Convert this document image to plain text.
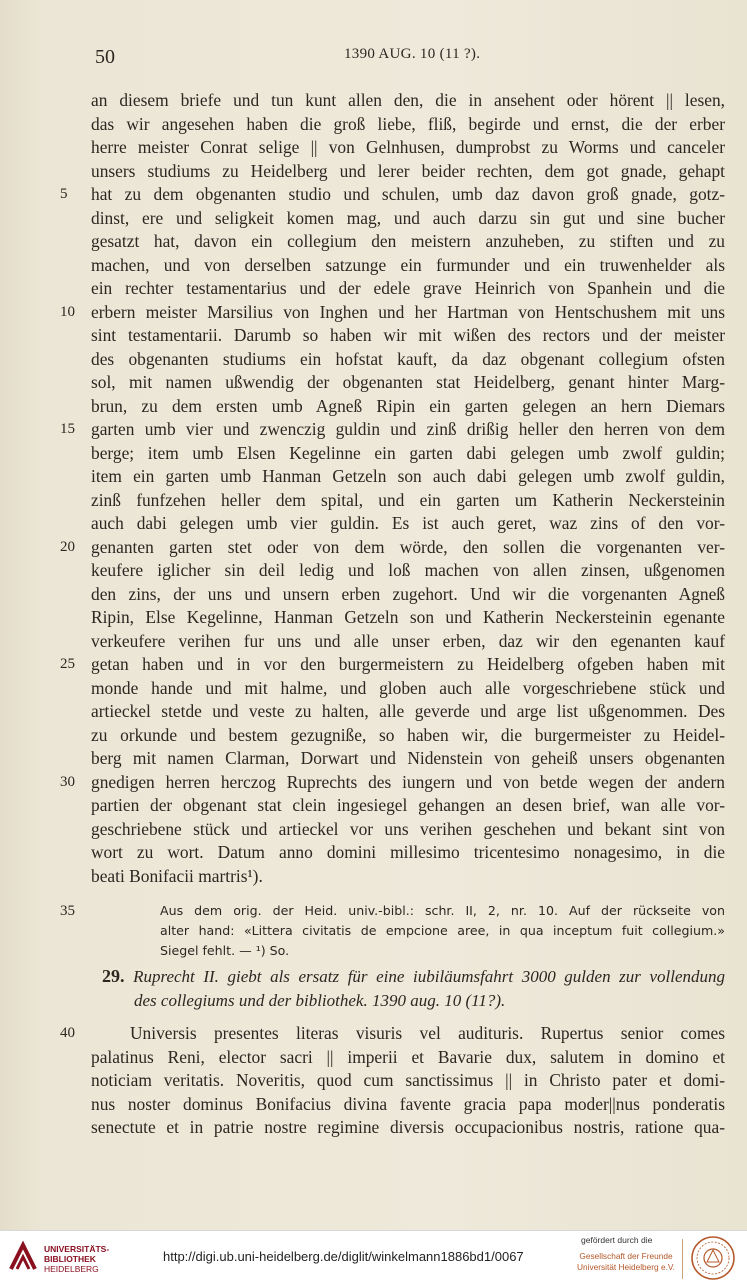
50	1390 AUG. 10 (11 ?).
an diesem briefe und tun kunt allen den, die in ansehent oder hörent || lesen,
das wir angesehen haben die groß liebe, fliß, begirde und ernst, die der erber
herre meister Conrat selige || von Gelnhusen, dumprobst zu Worms und canceler
unsers studiums zu Heidelberg und lerer beider rechten, dem got gnade, gehapt
hat zu dem obgenanten studio und schulen, umb daz davon groß gnade, gotz-
dinst, ere und seligkeit komen mag, und auch darzu sin gut und sine bucher
gesatzt hat, davon ein collegium den meistern anzuheben, zu stiften und zu
machen, und von derselben satzunge ein furmunder und ein truwenhelder als
ein rechter testamentarius und der edele grave Heinrich von Spanhein und die
erbern meister Marsilius von Inghen und her Hartman von Hentschushem mit uns
sint testamentarii. Darumb so haben wir mit wißen des rectors und der meister
des obgenanten studiums ein hofstat kauft, da daz obgenant collegium ofsten
sol, mit namen ußwendig der obgenanten stat Heidelberg, genant hinter Marg-
brun, zu dem ersten umb Agneß Ripin ein garten gelegen an hern Diemars
garten umb vier und zwenczig guldin und zinß drißig heller den herren von dem
berge; item umb Elsen Kegelinne ein garten dabi gelegen umb zwolf guldin;
item ein garten umb Hanman Getzeln son auch dabi gelegen umb zwolf guldin,
zinß funfzehen heller dem spital, und ein garten um Katherin Neckersteinin
auch dabi gelegen umb vier guldin. Es ist auch geret, waz zins of den vor-
genanten garten stet oder von dem wörde, den sollen die vorgenanten ver-
keufere iglicher sin deil ledig und loß machen von allen zinsen, ußgenomen
den zins, der uns und unsern erben zugehort. Und wir die vorgenanten Agneß
Ripin, Else Kegelinne, Hanman Getzeln son und Katherin Neckersteinin egenante
verkeufere verihen fur uns und alle unser erben, daz wir den egenanten kauf
getan haben und in vor den burgermeistern zu Heidelberg ofgeben haben mit
monde hande und mit halme, und globen auch alle vorgeschriebene stück und
artieckel stetde und veste zu halten, alle geverde und arge list ußgenommen. Des
zu orkunde und bestem gezugniße, so haben wir, die burgermeister zu Heidel-
berg mit namen Clarman, Dorwart und Nidenstein von geheiß unsers obgenanten
gnedigen herren herczog Ruprechts des iungern und von betde wegen der andern
partien der obgenant stat clein ingesiegel gehangen an desen brief, wan alle vor-
geschriebene stück und artieckel vor uns verihen geschehen und bekant sint von
wort zu wort. Datum anno domini millesimo tricentesimo nonagesimo, in die
beati Bonifacii martris¹).
5
10
15
20
25
30
35	Aus dem orig. der Heid. univ.-bibl.: schr. II, 2, nr. 10. Auf der rückseite von
alter hand: «Littera civitatis de empcione aree, in qua inceptum fuit collegium.»
Siegel fehlt. — ¹) So.
29. Ruprecht II. giebt als ersatz für eine iubiläumsfahrt 3000 gulden zur vollendung
des collegiums und der bibliothek. 1390 aug. 10 (11?).
40	Universis presentes literas visuris vel audituris. Rupertus senior comes
palatinus Reni, elector sacri || imperii et Bavarie dux, salutem in domino et
noticiam veritatis. Noveritis, quod cum sanctissimus || in Christo pater et domi-
nus noster dominus Bonifacius divina favente gracia papa moder||nus ponderatis
senectute et in patrie nostre regimine diversis occupacionibus nostris, ratione qua-
UNIVERSITÄTS-
BIBLIOTHEK
HEIDELBERG
http://digi.ub.uni-heidelberg.de/diglit/winkelmann1886bd1/0067
gefördert durch die
Gesellschaft der Freunde
Universität Heidelberg e.V.
